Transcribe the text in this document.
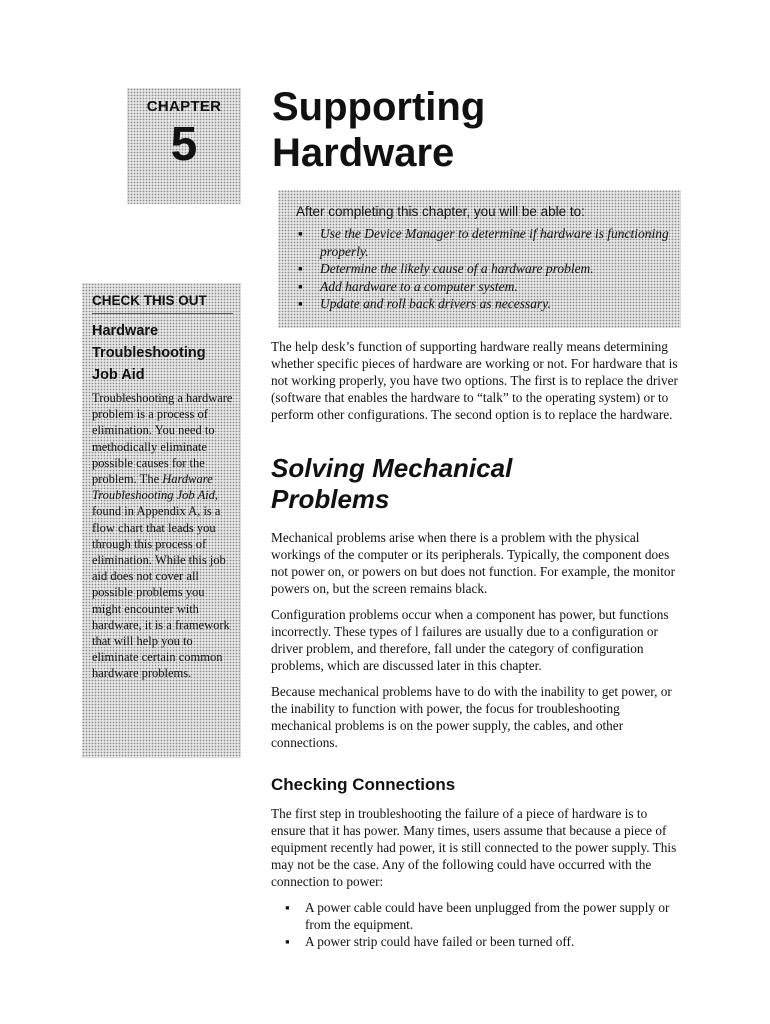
CHAPTER
5
Supporting
Hardware

After completing this chapter, you will be able to:

▪ Use the Device Manager to determine if hardware is functioning properly.
▪ Determine the likely cause of a hardware problem.
▪ Add hardware to a computer system.
▪ Update and roll back drivers as necessary.
CHECK THIS OUT
Hardware Troubleshooting Job Aid

Troubleshooting a hardware problem is a process of elimination. You need to methodically eliminate possible causes for the problem. The Hardware Troubleshooting Job Aid, found in Appendix A, is a flow chart that leads you through this process of elimination. While this job aid does not cover all possible problems you might encounter with hardware, it is a framework that will help you to eliminate certain common hardware problems.

The help desk’s function of supporting hardware really means determining whether specific pieces of hardware are working or not. For hardware that is not working properly, you have two options. The first is to replace the driver (software that enables the hardware to “talk” to the operating system) or to perform other configurations. The second option is to replace the hardware.

Solving Mechanical
Problems

Mechanical problems arise when there is a problem with the physical workings of the computer or its peripherals. Typically, the component does not power on, or powers on but does not function. For example, the monitor powers on, but the screen remains black.

Configuration problems occur when a component has power, but functions incorrectly. These types of l failures are usually due to a configuration or driver problem, and therefore, fall under the category of configuration problems, which are discussed later in this chapter.

Because mechanical problems have to do with the inability to get power, or the inability to function with power, the focus for troubleshooting mechanical problems is on the power supply, the cables, and other connections.

Checking Connections

The first step in troubleshooting the failure of a piece of hardware is to ensure that it has power. Many times, users assume that because a piece of equipment recently had power, it is still connected to the power supply. This may not be the case. Any of the following could have occurred with the connection to power:

▪ A power cable could have been unplugged from the power supply or from the equipment.
▪ A power strip could have failed or been turned off.
